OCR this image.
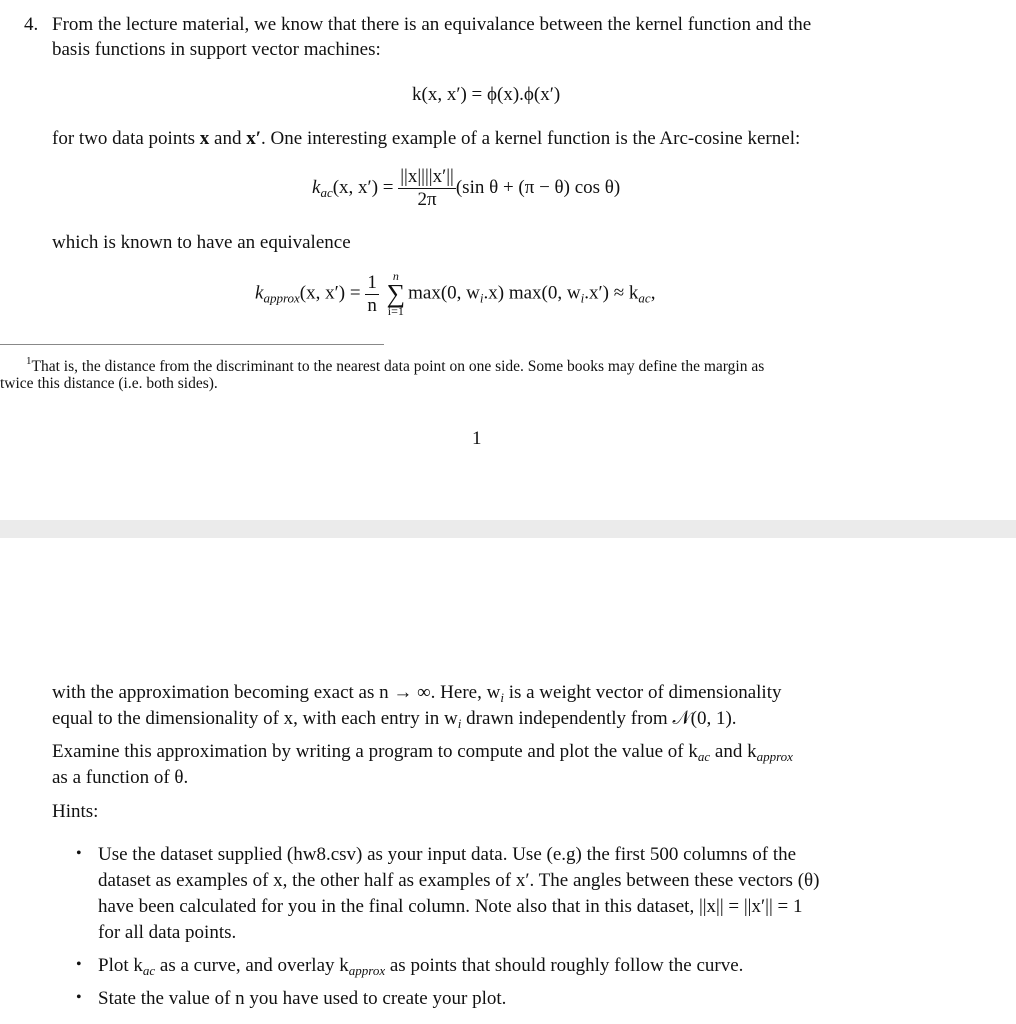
4. From the lecture material, we know that there is an equivalance between the kernel function and the
basis functions in support vector machines:
k(x, x′) = ϕ(x).ϕ(x′)
for two data points x and x′. One interesting example of a kernel function is the Arc-cosine kernel:
$k_{ac}(x$, $x') = \frac{||x||||x'||}{2\pi} (\sin$ θ + (π − θ) cos θ)
which is known to have an equivalence
$k_{approx}(x$, $x') = \frac{1}{n}$
	n
∑
i=1
max(0, $w_i.x$) max(0, $w_i.x') \approx k_{ac}$,
$^1$That is, the distance from the discriminant to the nearest data point on one side. Some books may define the margin as
twice this distance (i.e. both sides).
1
with the approximation becoming exact as n → ∞. Here, $w_i$ is a weight vector of dimensionality
equal to the dimensionality of x, with each entry in $w_i$ drawn independently from 𝒩(0, 1).
Examine this approximation by writing a program to compute and plot the value of $k_{ac}$ and $k_{approx}$
as a function of θ.
Hints:
• Use the dataset supplied (hw8.csv) as your input data. Use (e.g) the first 500 columns of the
dataset as examples of x, the other half as examples of x′. The angles between these vectors (θ)
have been calculated for you in the final column. Note also that in this dataset, ||x|| = ||x′|| = 1
for all data points.
• Plot $k_{ac}$ as a curve, and overlay $k_{approx}$ as points that should roughly follow the curve.
• State the value of n you have used to create your plot.
